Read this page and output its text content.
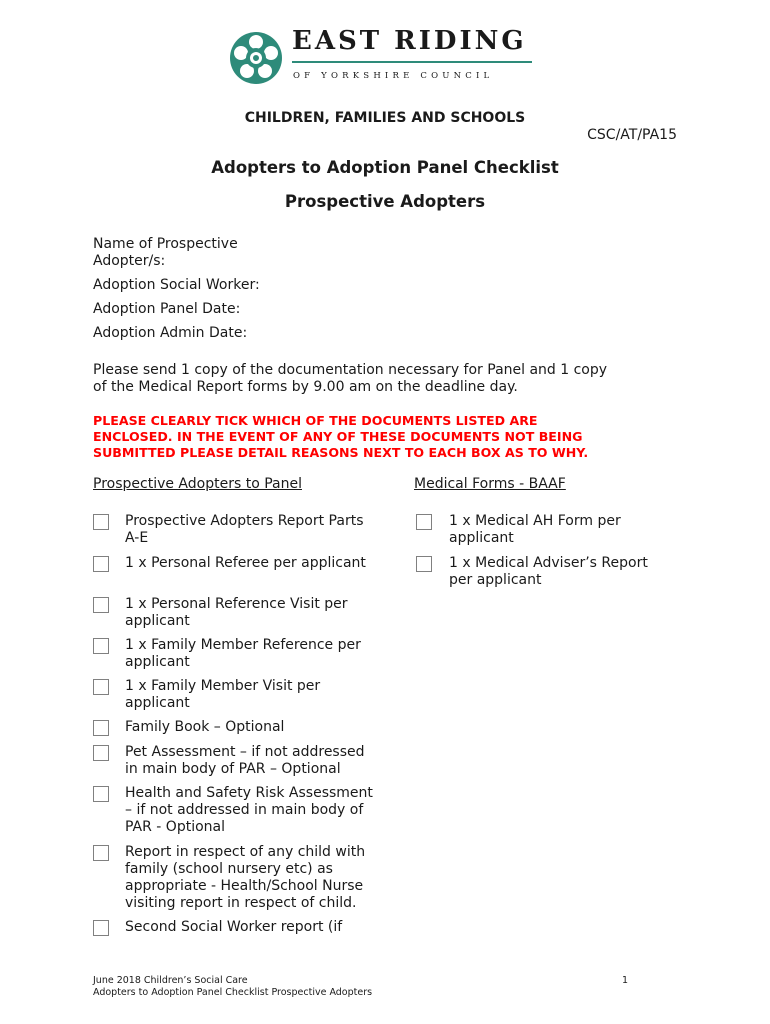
EAST RIDING
OF YORKSHIRE COUNCIL
CHILDREN, FAMILIES AND SCHOOLS
CSC/AT/PA15
Adopters to Adoption Panel Checklist
Prospective Adopters
Name of Prospective
Adopter/s:
Adoption Social Worker:
Adoption Panel Date:
Adoption Admin Date:
Please send 1 copy of the documentation necessary for Panel and 1 copy
of the Medical Report forms by 9.00 am on the deadline day.
PLEASE CLEARLY TICK WHICH OF THE DOCUMENTS LISTED ARE
ENCLOSED. IN THE EVENT OF ANY OF THESE DOCUMENTS NOT BEING
SUBMITTED PLEASE DETAIL REASONS NEXT TO EACH BOX AS TO WHY.
Prospective Adopters to Panel	Medical Forms - BAAF
Prospective Adopters Report Parts
A-E
1 x Personal Referee per applicant
1 x Personal Reference Visit per
applicant
1 x Family Member Reference per
applicant
1 x Family Member Visit per
applicant
Family Book – Optional
Pet Assessment – if not addressed
in main body of PAR – Optional
Health and Safety Risk Assessment
– if not addressed in main body of
PAR - Optional
Report in respect of any child with
family (school nursery etc) as
appropriate - Health/School Nurse
visiting report in respect of child.
Second Social Worker report (if
1 x Medical AH Form per
applicant
1 x Medical Adviser’s Report
per applicant
June 2018 Children’s Social Care
Adopters to Adoption Panel Checklist Prospective Adopters
1
